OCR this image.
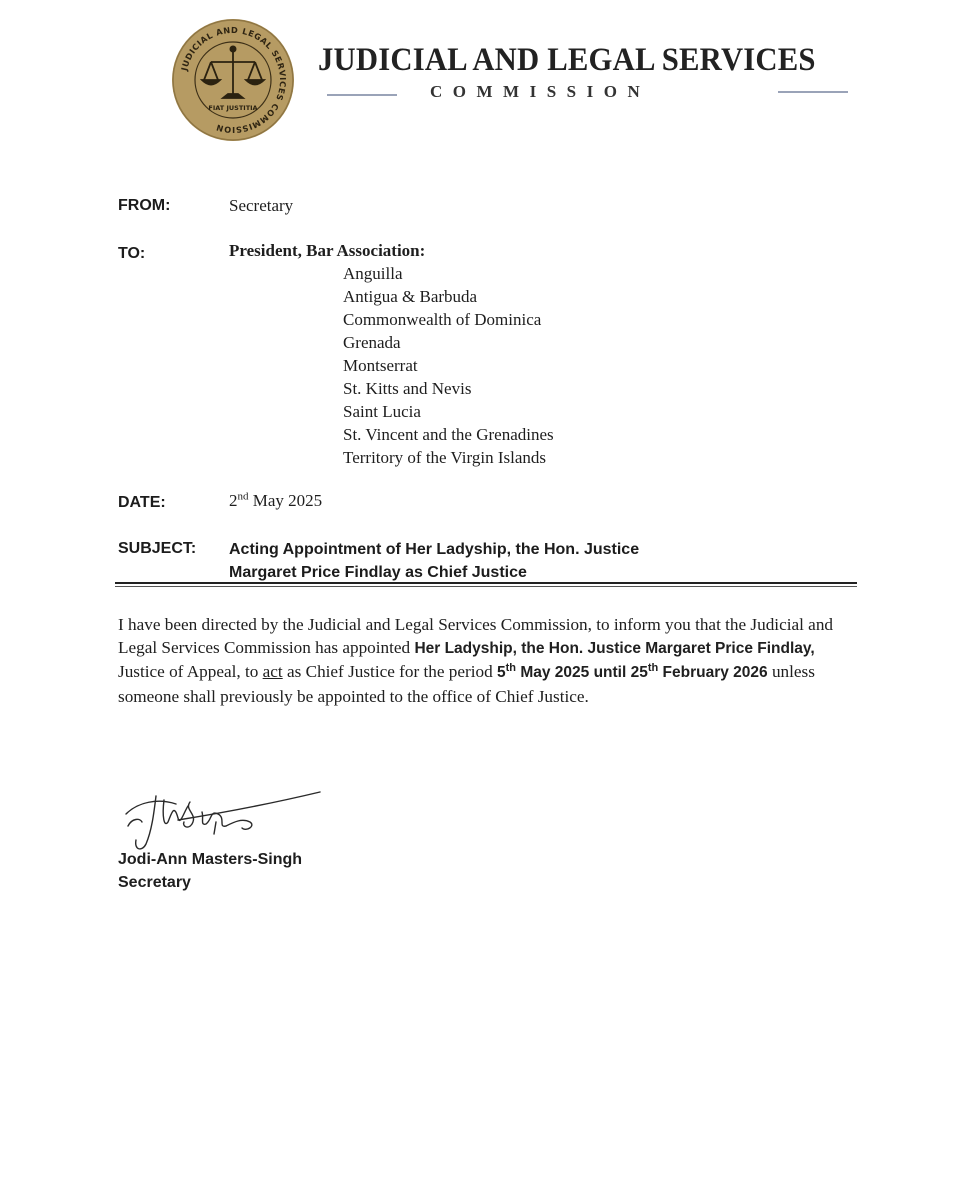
JUDICIAL AND LEGAL SERVICES COMMISSION
FIAT JUSTITIA
JUDICIAL AND LEGAL SERVICES
COMMISSION
FROM:	Secretary
TO:	President, Bar Association:
Anguilla
Antigua & Barbuda
Commonwealth of Dominica
Grenada
Montserrat
St. Kitts and Nevis
Saint Lucia
St. Vincent and the Grenadines
Territory of the Virgin Islands
DATE:	2nd May 2025
SUBJECT: Acting Appointment of Her Ladyship, the Hon. Justice
Margaret Price Findlay as Chief Justice
I have been directed by the Judicial and Legal Services Commission, to inform you that the Judicial and Legal Services Commission has appointed Her Ladyship, the Hon. Justice Margaret Price Findlay, Justice of Appeal, to act as Chief Justice for the period 5th May 2025 until 25th February 2026 unless someone shall previously be appointed to the office of Chief Justice.
Jodi-Ann Masters-Singh
Secretary
